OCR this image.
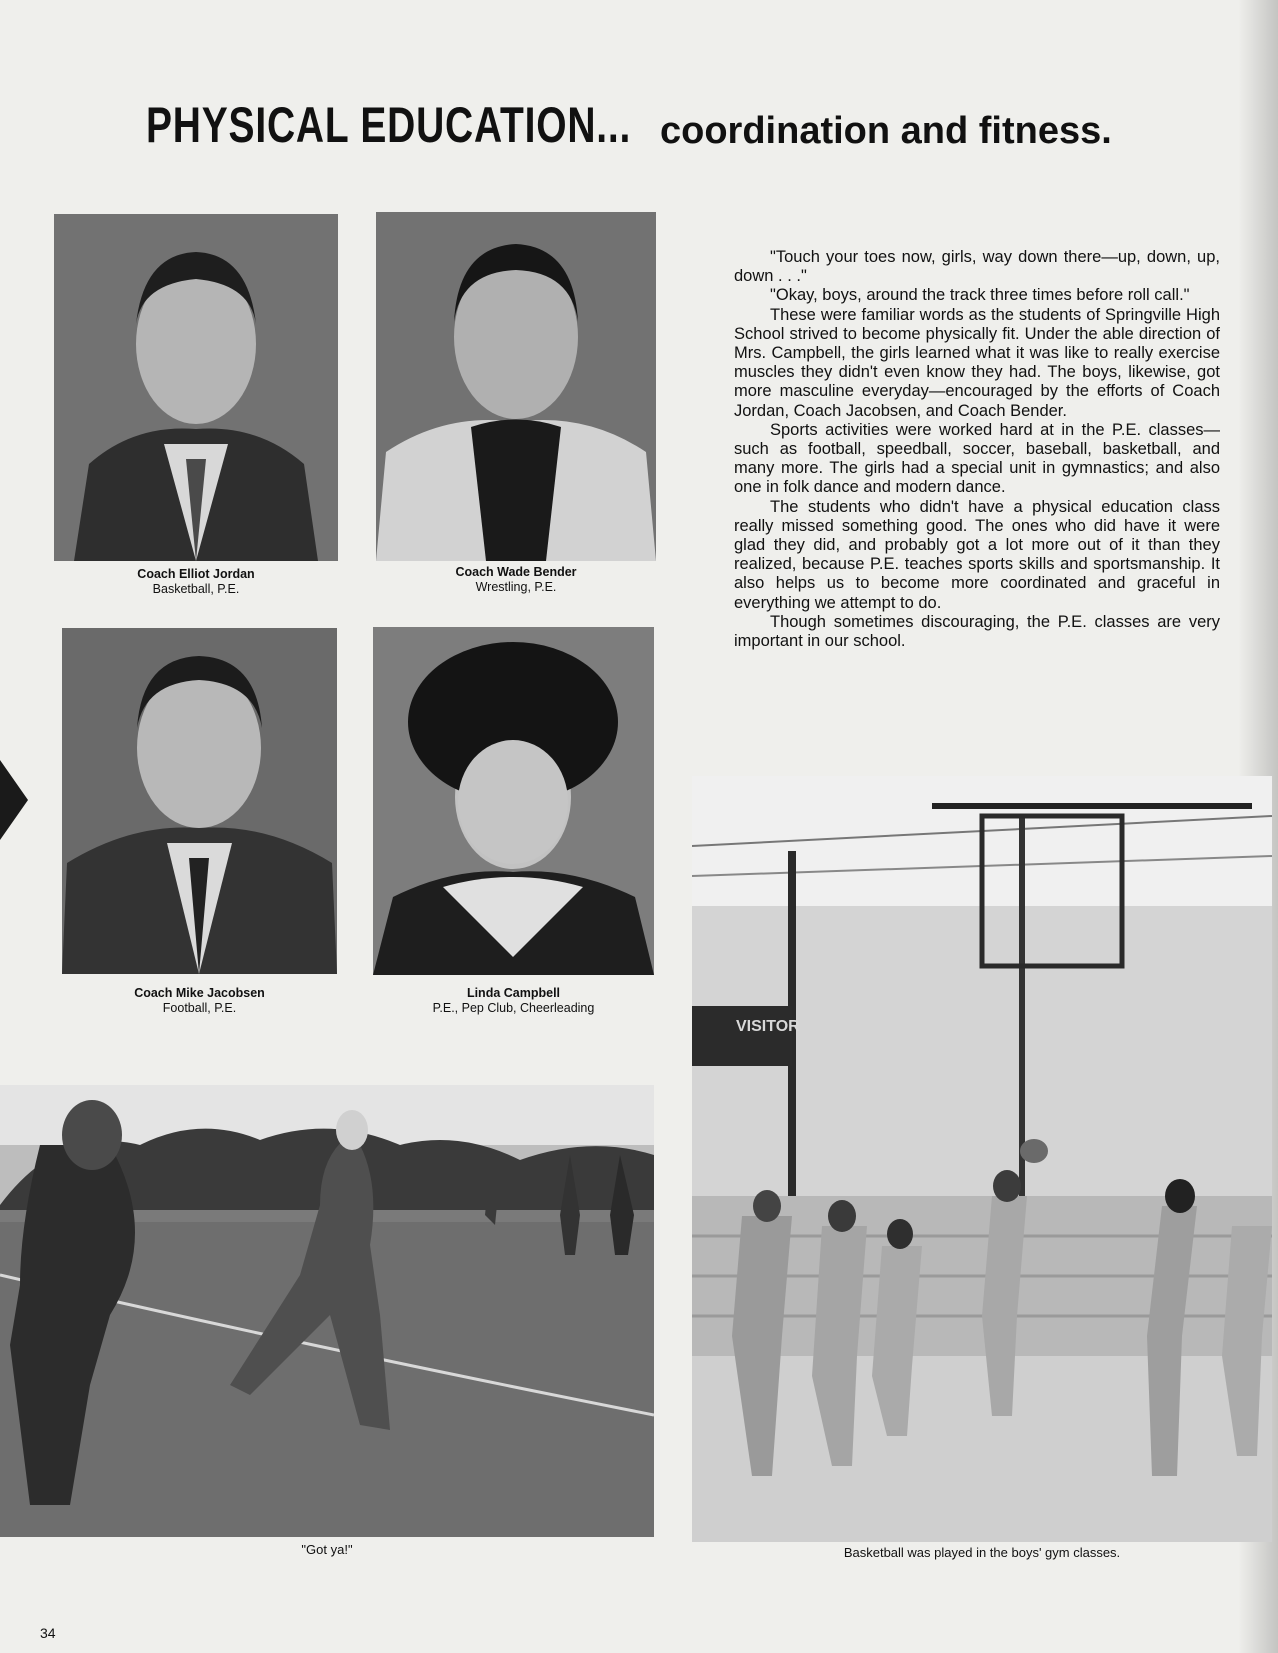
PHYSICAL EDUCATION... coordination and fitness.
Coach Elliot Jordan
Basketball, P.E.
Coach Wade Bender
Wrestling, P.E.
Coach Mike Jacobsen
Football, P.E.
Linda Campbell
P.E., Pep Club, Cheerleading

"Touch your toes now, girls, way down there—up, down, up, down . . ."

"Okay, boys, around the track three times before roll call."

These were familiar words as the students of Springville High School strived to become physically fit. Under the able direction of Mrs. Campbell, the girls learned what it was like to really exercise muscles they didn't even know they had. The boys, likewise, got more masculine everyday—encouraged by the efforts of Coach Jordan, Coach Jacobsen, and Coach Bender.

Sports activities were worked hard at in the P.E. classes—such as football, speedball, soccer, baseball, basketball, and many more. The girls had a special unit in gymnastics; and also one in folk dance and modern dance.

The students who didn't have a physical education class really missed something good. The ones who did have it were glad they did, and probably got a lot more out of it than they realized, because P.E. teaches sports skills and sportsmanship. It also helps us to become more coordinated and graceful in everything we attempt to do.

Though sometimes discouraging, the P.E. classes are very important in our school.

"Got ya!"
VISITOR
Basketball was played in the boys' gym classes.
34
